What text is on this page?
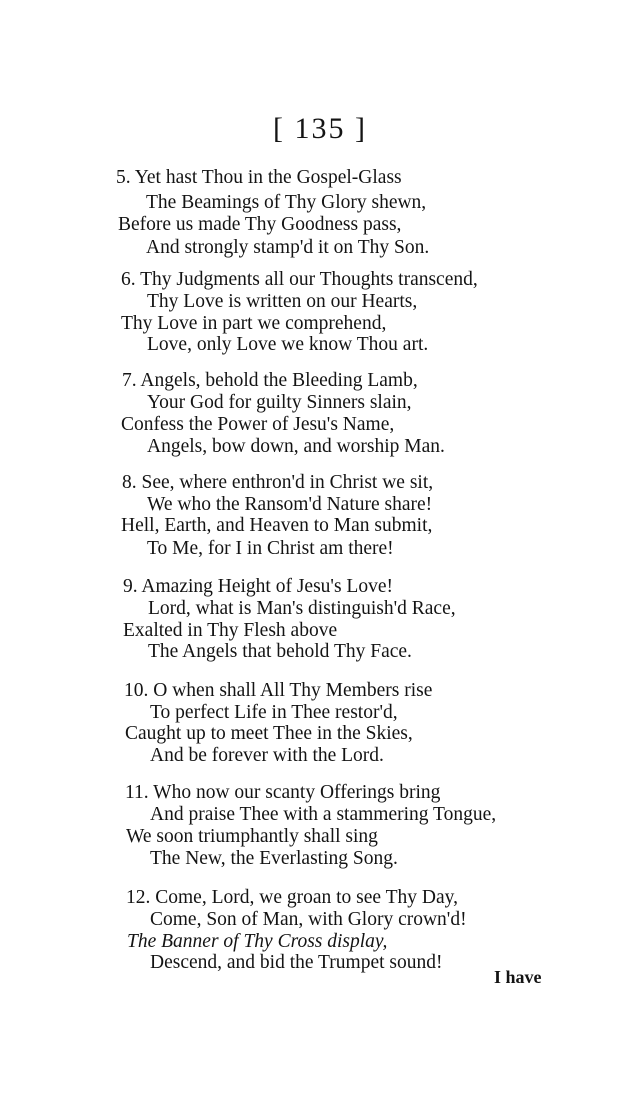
[ 135 ]
5. Yet hast Thou in the Gospel-Glass
The Beamings of Thy Glory shewn,
Before us made Thy Goodness pass,
And strongly stamp'd it on Thy Son.
6. Thy Judgments all our Thoughts transcend,
Thy Love is written on our Hearts,
Thy Love in part we comprehend,
Love, only Love we know Thou art.
7. Angels, behold the Bleeding Lamb,
Your God for guilty Sinners slain,
Confess the Power of Jesu's Name,
Angels, bow down, and worship Man.
8. See, where enthron'd in Christ we sit,
We who the Ransom'd Nature share!
Hell, Earth, and Heaven to Man submit,
To Me, for I in Christ am there!
9. Amazing Height of Jesu's Love!
Lord, what is Man's distinguish'd Race,
Exalted in Thy Flesh above
The Angels that behold Thy Face.
10. O when shall All Thy Members rise
To perfect Life in Thee restor'd,
Caught up to meet Thee in the Skies,
And be forever with the Lord.
11. Who now our scanty Offerings bring
And praise Thee with a stammering Tongue,
We soon triumphantly shall sing
The New, the Everlasting Song.
12. Come, Lord, we groan to see Thy Day,
Come, Son of Man, with Glory crown'd!
The Banner of Thy Cross display,
Descend, and bid the Trumpet sound!
I have
